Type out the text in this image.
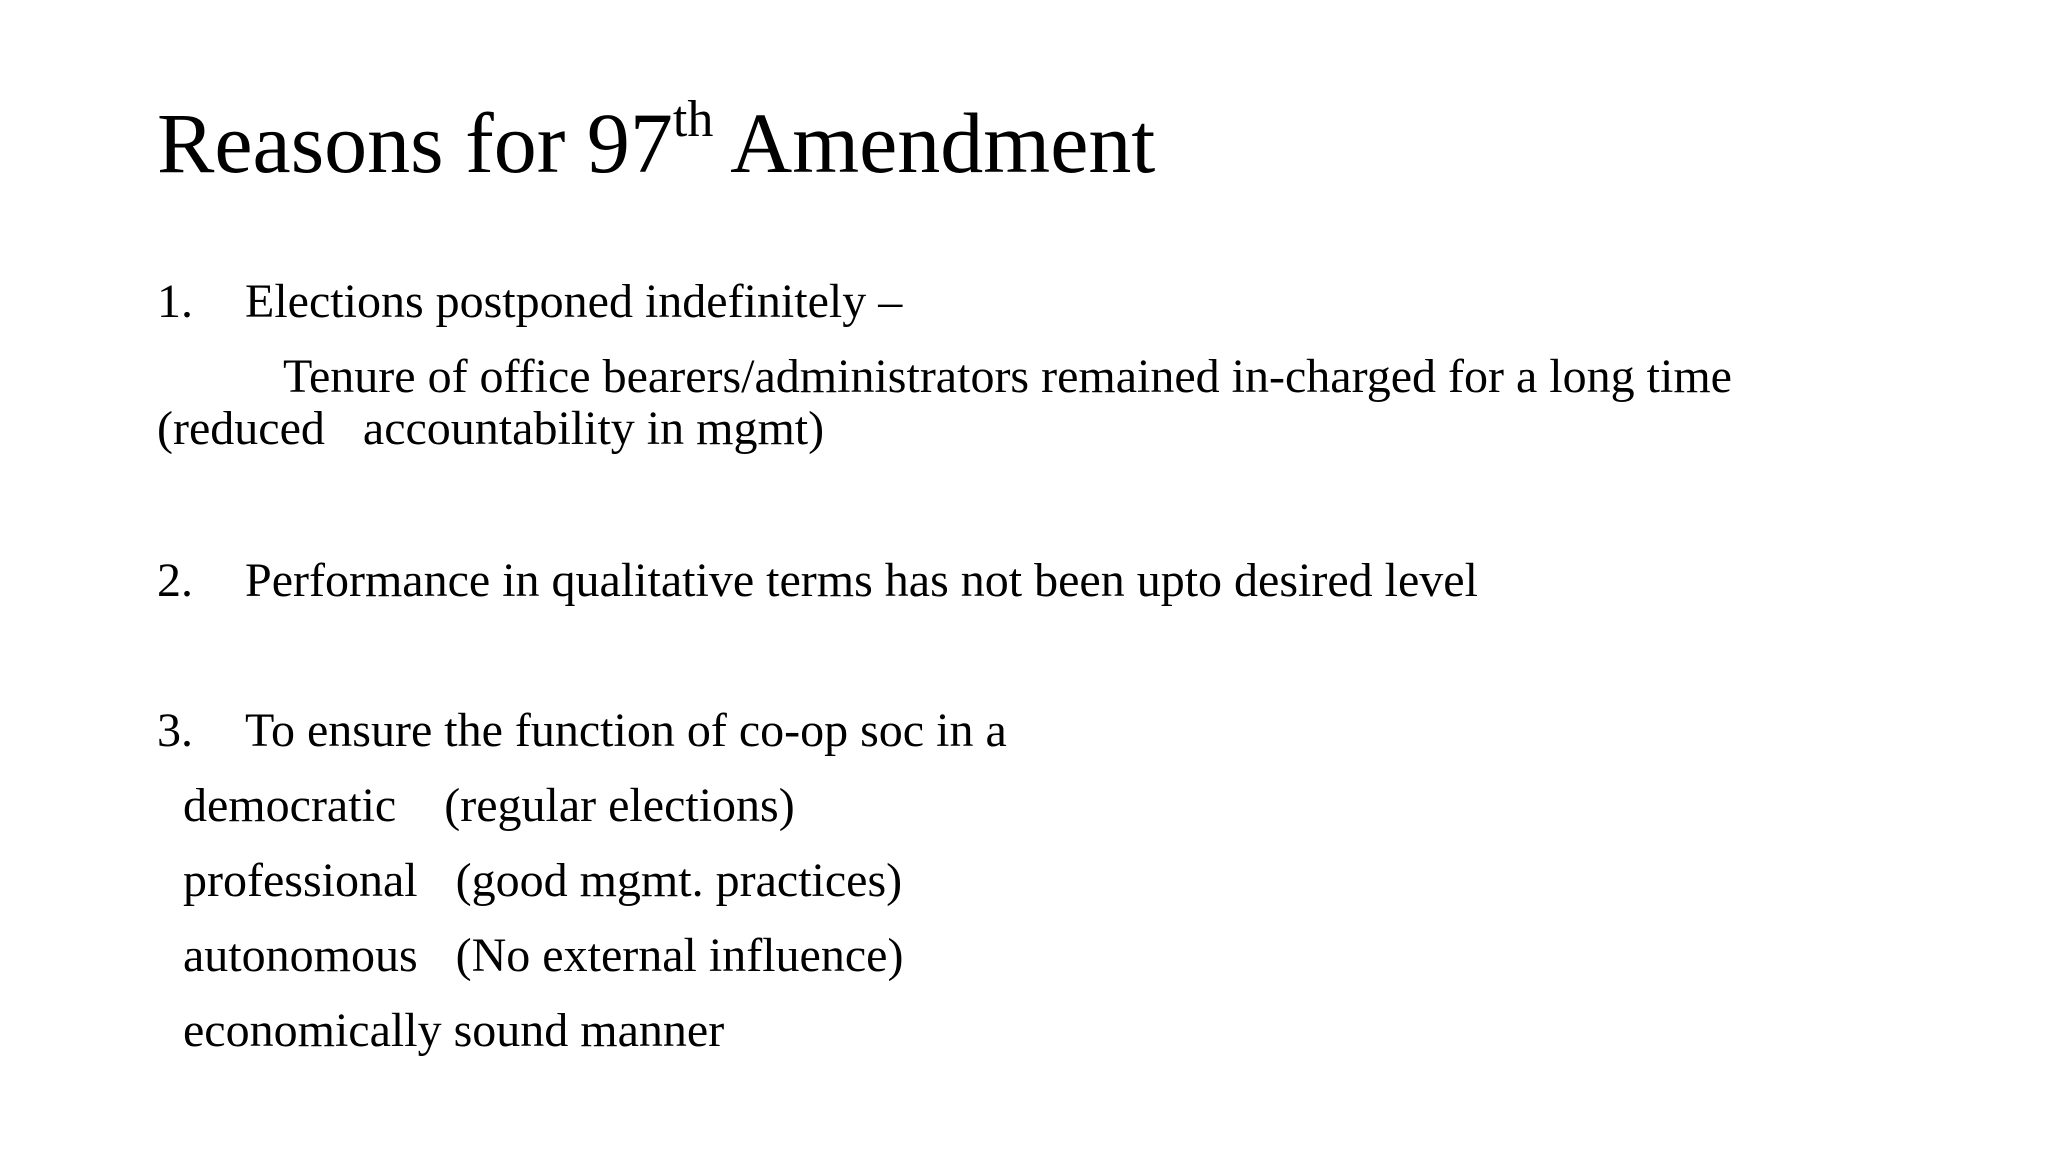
Reasons for 97th Amendment
1. Elections postponed indefinitely –
Tenure of office bearers/administrators remained in-charged for a long time
(reduced accountability in mgmt)
2. Performance in qualitative terms has not been upto desired level
3. To ensure the function of co-op soc in a
democratic (regular elections)
professional (good mgmt. practices)
autonomous (No external influence)
economically sound manner
